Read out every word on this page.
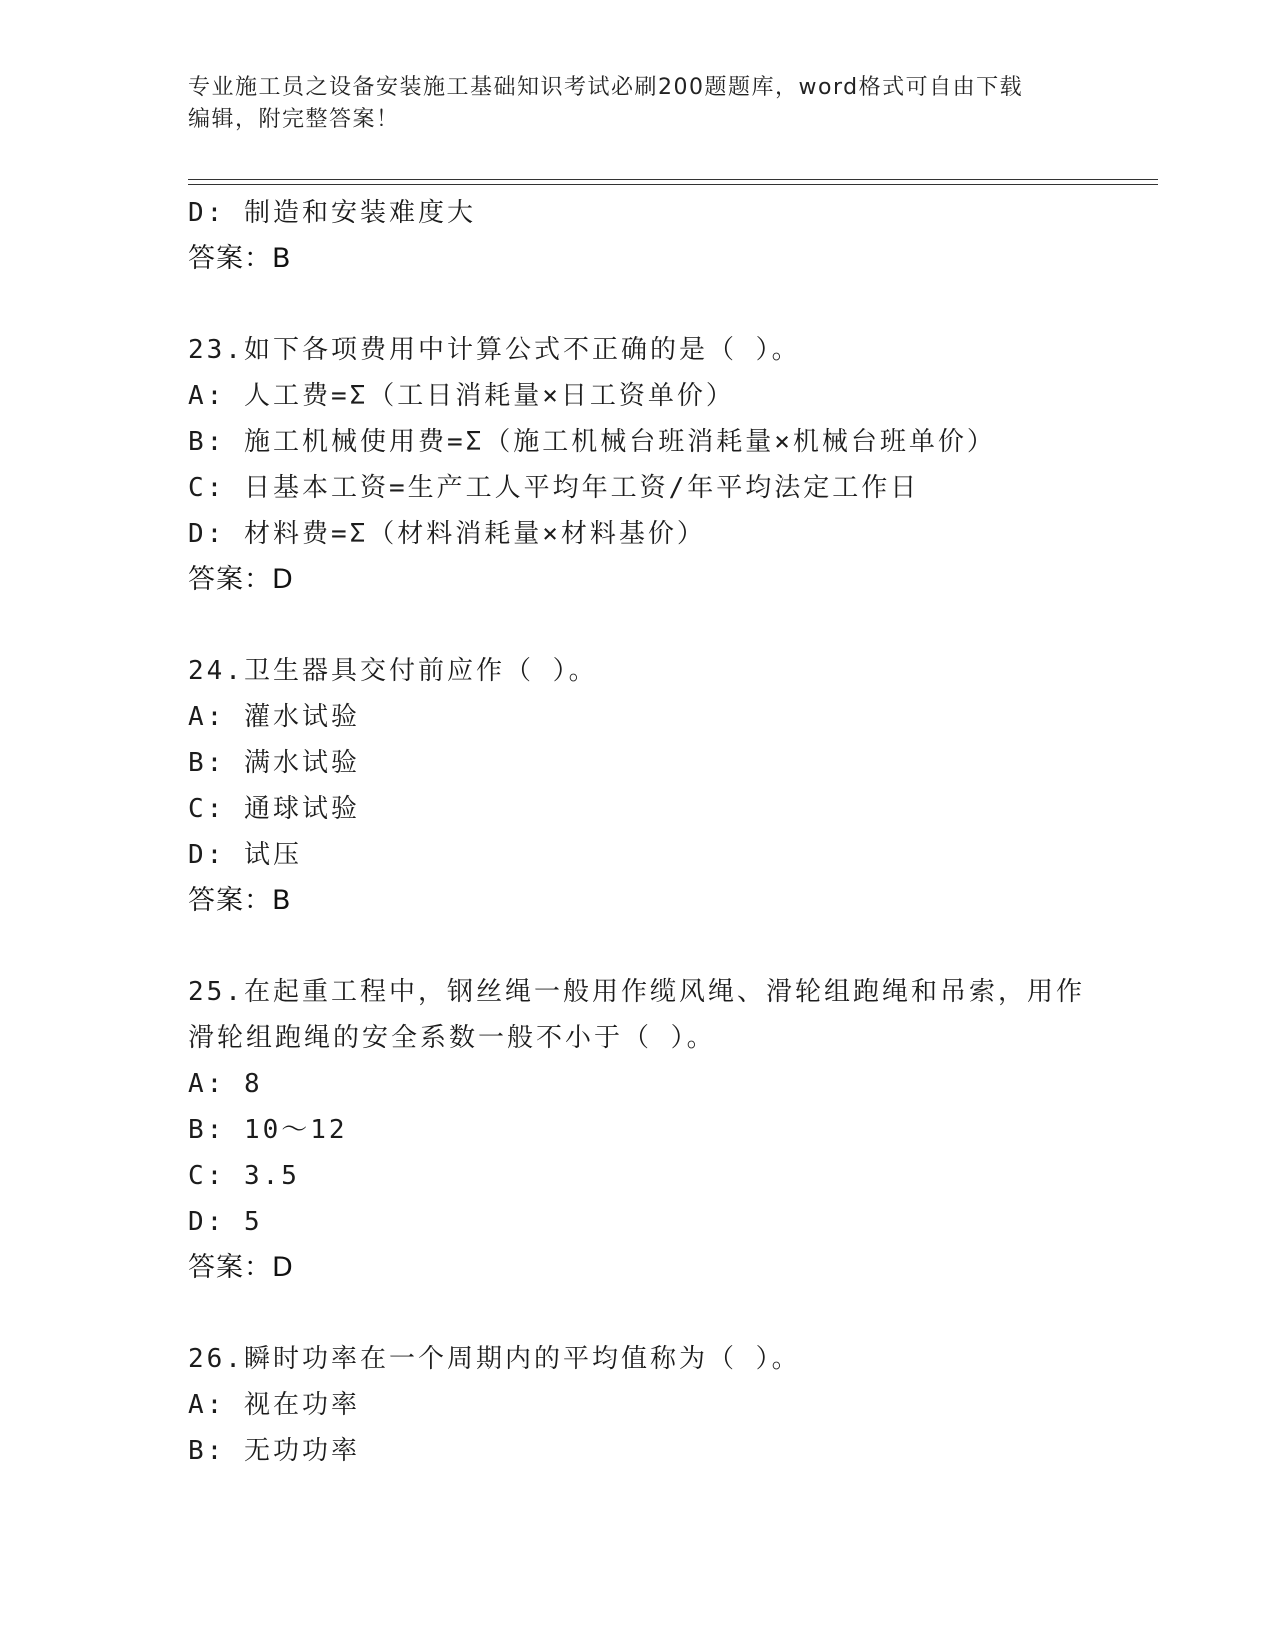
专业施工员之设备安装施工基础知识考试必刷200题题库，word格式可自由下载
编辑，附完整答案！
D: 制造和安装难度大
答案：B
23.如下各项费用中计算公式不正确的是（ ）。
A: 人工费=Σ（工日消耗量×日工资单价）
B: 施工机械使用费=Σ（施工机械台班消耗量×机械台班单价）
C: 日基本工资=生产工人平均年工资/年平均法定工作日
D: 材料费=Σ（材料消耗量×材料基价）
答案：D
24.卫生器具交付前应作（ ）。
A: 灌水试验
B: 满水试验
C: 通球试验
D: 试压
答案：B
25.在起重工程中，钢丝绳一般用作缆风绳、滑轮组跑绳和吊索，用作
滑轮组跑绳的安全系数一般不小于（ ）。
A: 8
B: 10～12
C: 3.5
D: 5
答案：D
26.瞬时功率在一个周期内的平均值称为（ ）。
A: 视在功率
B: 无功功率
